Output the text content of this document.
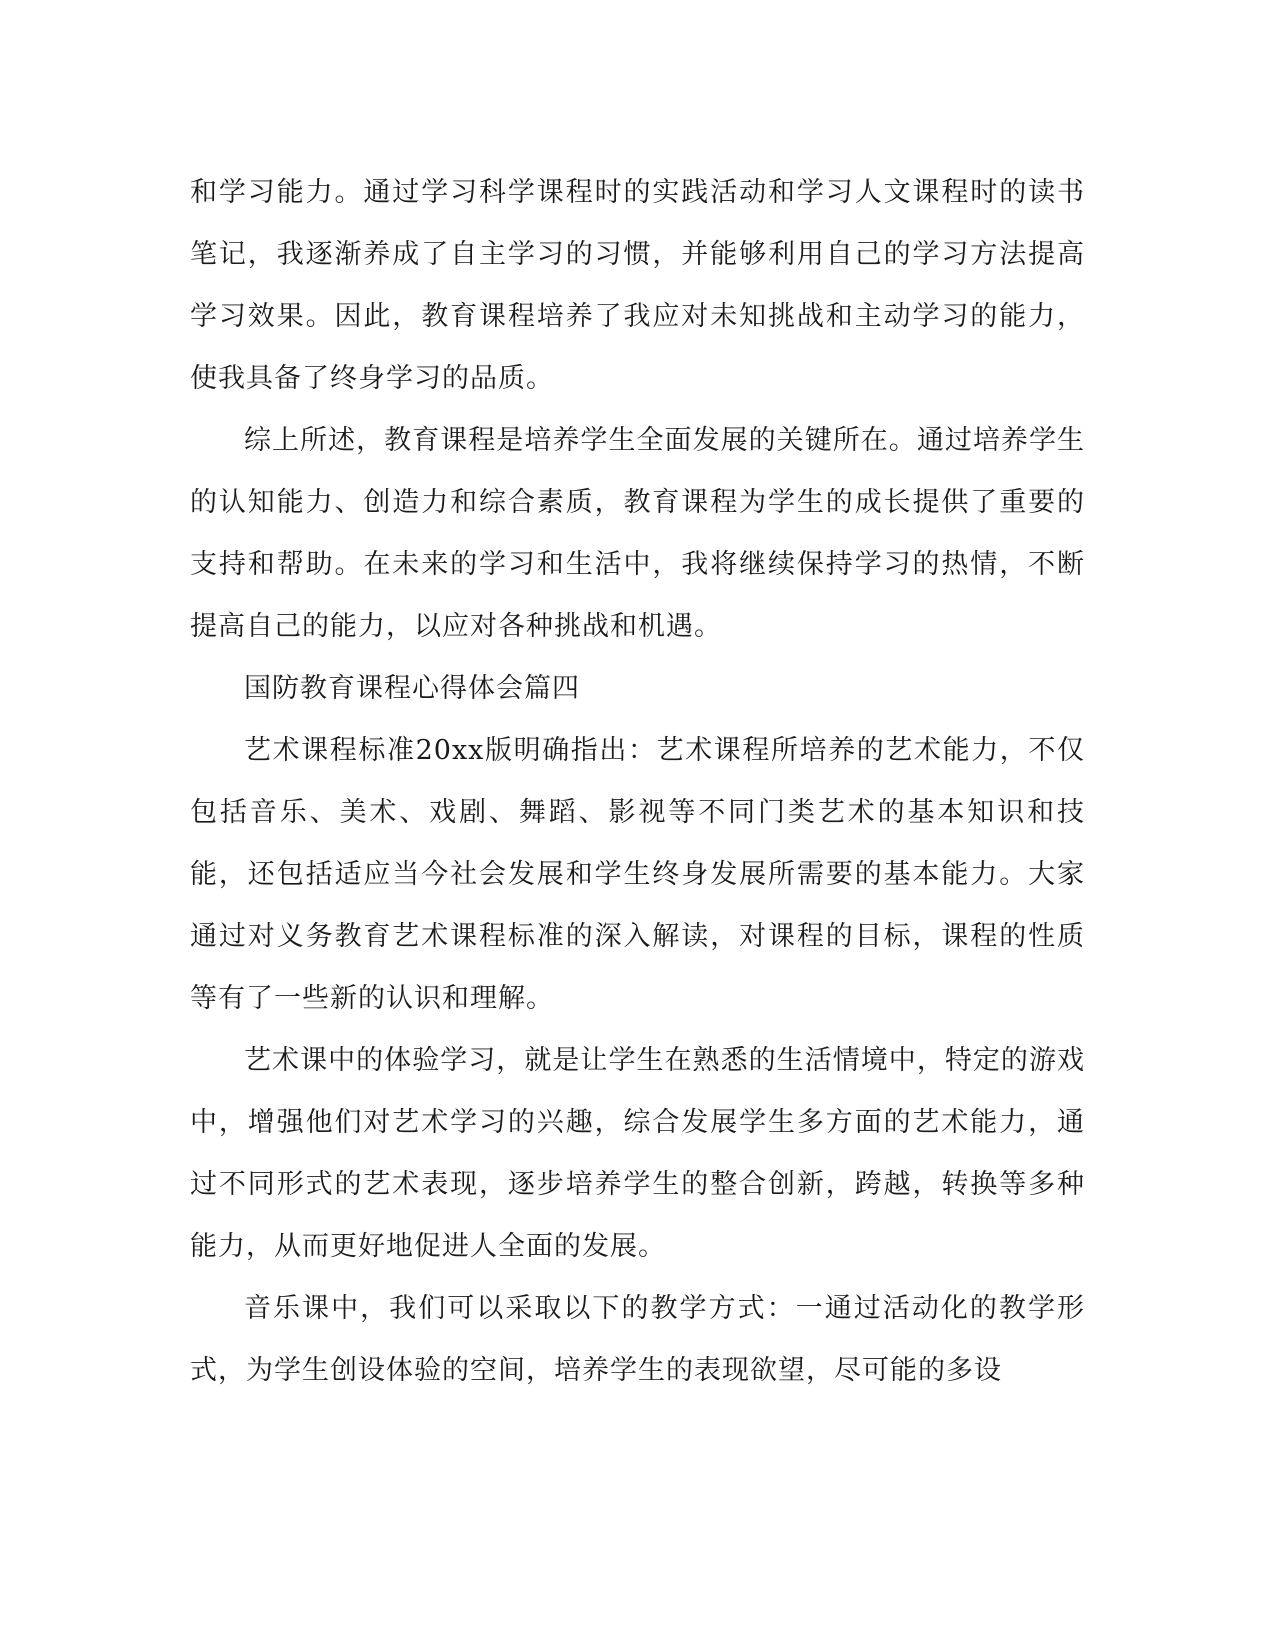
和学习能力。通过学习科学课程时的实践活动和学习人文课程时的读书笔记，我逐渐养成了自主学习的习惯，并能够利用自己的学习方法提高学习效果。因此，教育课程培养了我应对未知挑战和主动学习的能力，使我具备了终身学习的品质。

综上所述，教育课程是培养学生全面发展的关键所在。通过培养学生的认知能力、创造力和综合素质，教育课程为学生的成长提供了重要的支持和帮助。在未来的学习和生活中，我将继续保持学习的热情，不断提高自己的能力，以应对各种挑战和机遇。

国防教育课程心得体会篇四

艺术课程标准20xx版明确指出：艺术课程所培养的艺术能力，不仅包括音乐、美术、戏剧、舞蹈、影视等不同门类艺术的基本知识和技能，还包括适应当今社会发展和学生终身发展所需要的基本能力。大家通过对义务教育艺术课程标准的深入解读，对课程的目标，课程的性质等有了一些新的认识和理解。

艺术课中的体验学习，就是让学生在熟悉的生活情境中，特定的游戏中，增强他们对艺术学习的兴趣，综合发展学生多方面的艺术能力，通过不同形式的艺术表现，逐步培养学生的整合创新，跨越，转换等多种能力，从而更好地促进人全面的发展。

音乐课中，我们可以采取以下的教学方式：一通过活动化的教学形式，为学生创设体验的空间，培养学生的表现欲望，尽可能的多设
